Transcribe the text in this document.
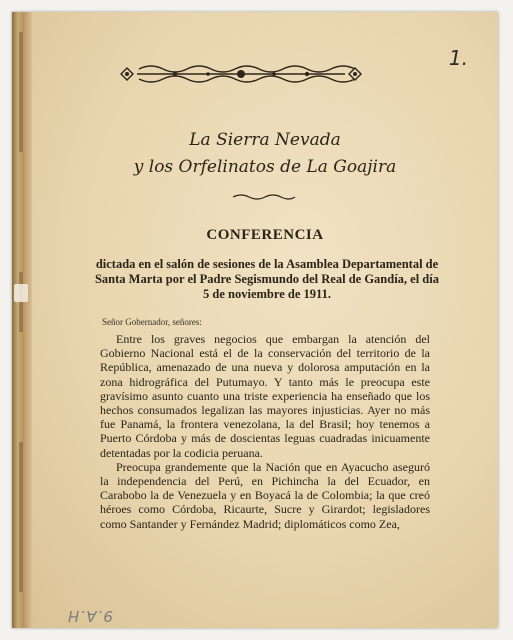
1.
La Sierra Nevada
y los Orfelinatos de La Goajira
CONFERENCIA
dictada en el salón de sesiones de la Asamblea Departamental de Santa Marta por el Padre Segismundo del Real de Gandía, el día 5 de noviembre de 1911.
Señor Gobernador, señores:

Entre los graves negocios que embargan la atención del Gobierno Nacional está el de la conservación del territorio de la República, amenazado de una nueva y dolorosa amputación en la zona hidrográfica del Putumayo. Y tanto más le preocupa este gravísimo asunto cuanto una triste experiencia ha enseñado que los hechos consumados legalizan las mayores injusticias. Ayer no más fue Panamá, la frontera venezolana, la del Brasil; hoy tenemos a Puerto Córdoba y más de doscientas leguas cuadradas inicuamente detentadas por la codicia peruana.

Preocupa grandemente que la Nación que en Ayacucho aseguró la independencia del Perú, en Pichincha la del Ecuador, en Carabobo la de Venezuela y en Boyacá la de Colombia; la que creó héroes como Córdoba, Ricaurte, Sucre y Girardot; legisladores como Santander y Fernández Madrid; diplomáticos como Zea,

9.A.H
